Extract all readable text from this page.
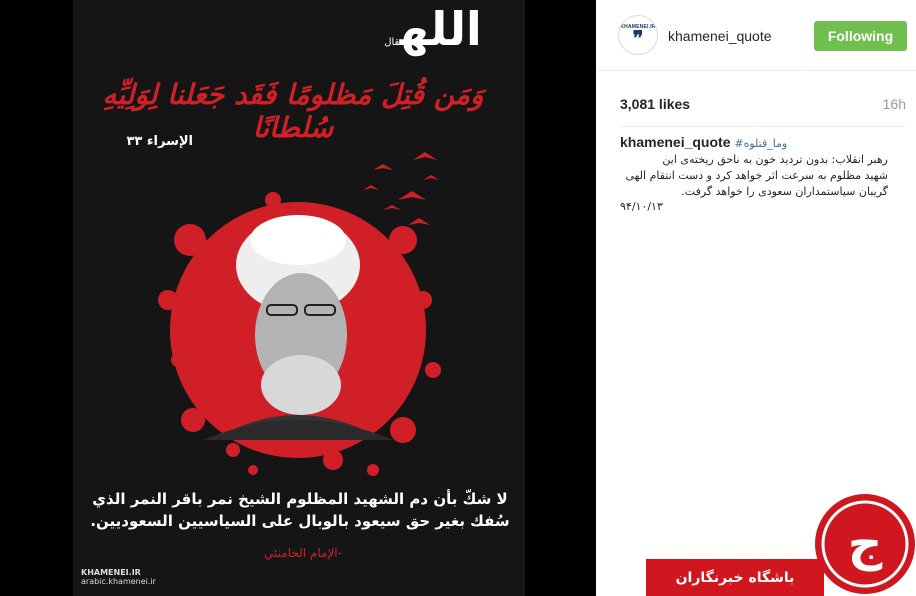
اللهقال
وَمَن قُتِلَ مَظلومًا فَقَد جَعَلنا لِوَلِيِّهِ سُلطانًا
الإسراء ٣٣
لا شكّ بأن دم الشهيد المظلوم الشيخ نمر باقر النمر الذي
سُفك بغير حق سيعود بالوبال على السياسيين السعوديين.
-الإمام الخامنئي
KHAMENEI.IR
arabic.khamenei.ir
KHAMENEI.IR
❞ khamenei_quote	Following
3,081 likes	16h
khamenei_quote #وما_قتلوه
رهبر انقلاب: بدون تردید خون به ناحق ریخته‌ی این
شهید مظلوم به سرعت اثر خواهد کرد و دست انتقام الهی
گریبان سیاستمداران سعودی را خواهد گرفت.
۹۴/۱۰/۱۳
باشگاه خبرنگاران
ج
